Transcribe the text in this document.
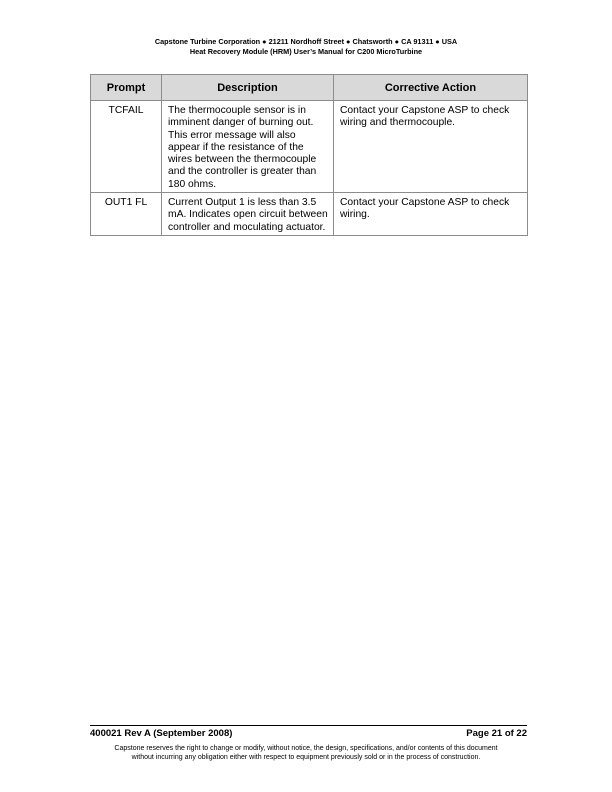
Capstone Turbine Corporation ● 21211 Nordhoff Street ● Chatsworth ● CA 91311 ● USA
Heat Recovery Module (HRM) User’s Manual for C200 MicroTurbine
Prompt	Description	Corrective Action
TCFAIL	The thermocouple sensor is in imminent danger of burning out. This error message will also appear if the resistance of the wires between the thermocouple and the controller is greater than 180 ohms.	Contact your Capstone ASP to check wiring and thermocouple.
OUT1 FL	Current Output 1 is less than 3.5 mA. Indicates open circuit between controller and moculating actuator.	Contact your Capstone ASP to check wiring.
400021 Rev A (September 2008)	Page 21 of 22
Capstone reserves the right to change or modify, without notice, the design, specifications, and/or contents of this document
without incurring any obligation either with respect to equipment previously sold or in the process of construction.
